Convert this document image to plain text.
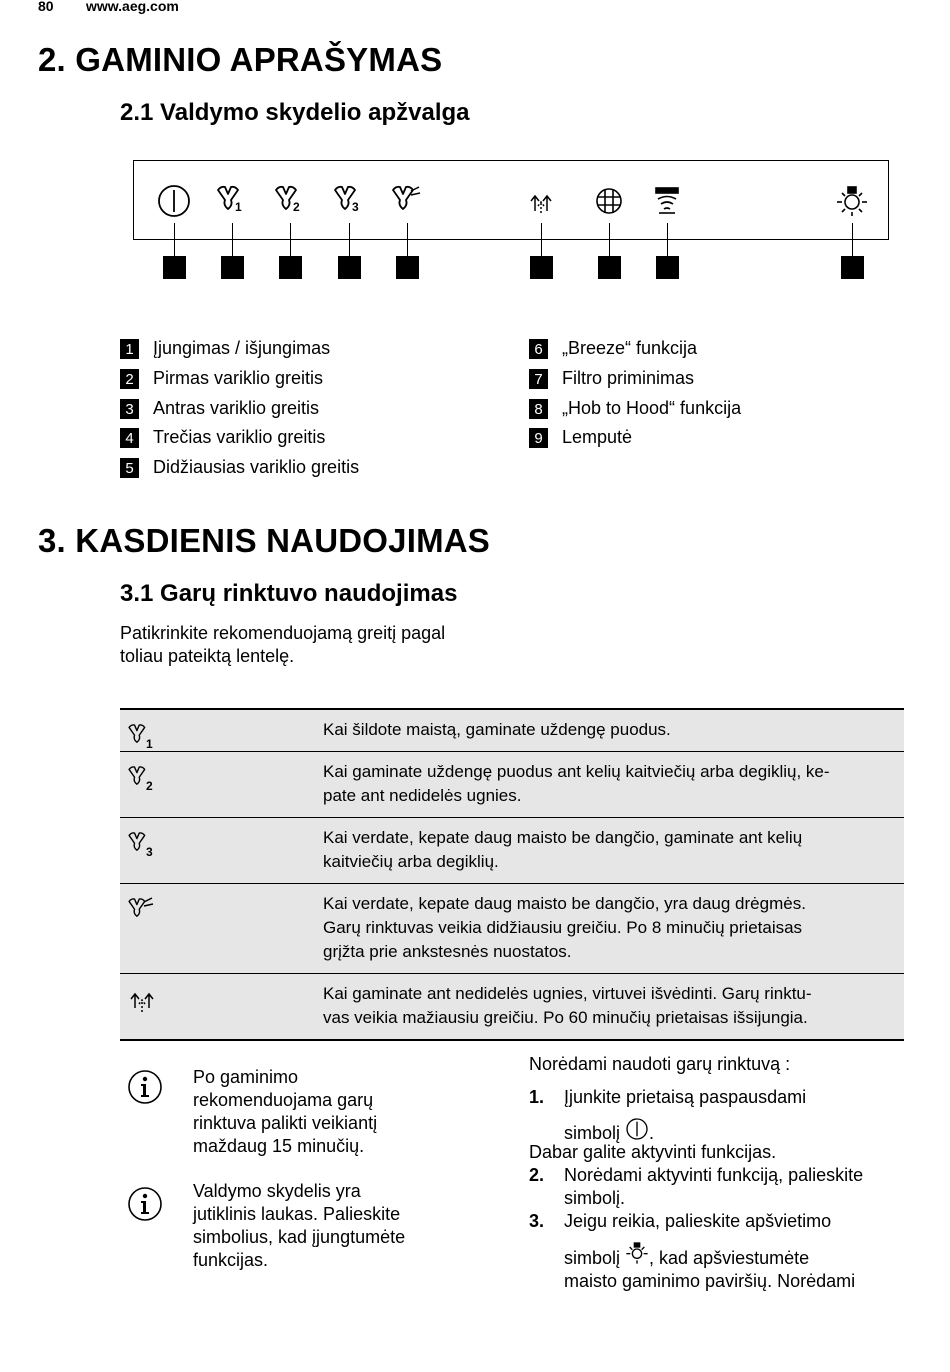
80 www.aeg.com
2. GAMINIO APRAŠYMAS
2.1 Valdymo skydelio apžvalga
1	2	3
1 Įjungimas / išjungimas
2 Pirmas variklio greitis
3 Antras variklio greitis
4 Trečias variklio greitis
5 Didžiausias variklio greitis
6 „Breeze“ funkcija
7 Filtro priminimas
8 „Hob to Hood“ funkcija
9 Lemputė
3. KASDIENIS NAUDOJIMAS
3.1 Garų rinktuvo naudojimas

Patikrinkite rekomenduojamą greitį pagal
toliau pateiktą lentelę.

1
Kai šildote maistą, gaminate uždengę puodus.
2
Kai gaminate uždengę puodus ant kelių kaitviečių arba degiklių, ke-
pate ant nedidelės ugnies.
3
Kai verdate, kepate daug maisto be dangčio, gaminate ant kelių
kaitviečių arba degiklių.
Kai verdate, kepate daug maisto be dangčio, yra daug drėgmės.
Garų rinktuvas veikia didžiausiu greičiu. Po 8 minučių prietaisas
grįžta prie ankstesnės nuostatos.
Kai gaminate ant nedidelės ugnies, virtuvei išvėdinti. Garų rinktu-
vas veikia mažiausiu greičiu. Po 60 minučių prietaisas išsijungia.
Po gaminimo
rekomenduojama garų
rinktuva palikti veikiantį
maždaug 15 minučių.
Valdymo skydelis yra
jutiklinis laukas. Palieskite
simbolius, kad įjungtumėte
funkcijas.
Norėdami naudoti garų rinktuvą :
1. Įjunkite prietaisą paspausdami
simbolį .
Dabar galite aktyvinti funkcijas.
2. Norėdami aktyvinti funkciją, palieskite
simbolį.
3. Jeigu reikia, palieskite apšvietimo
simbolį , kad apšviestumėte
maisto gaminimo paviršių. Norėdami
